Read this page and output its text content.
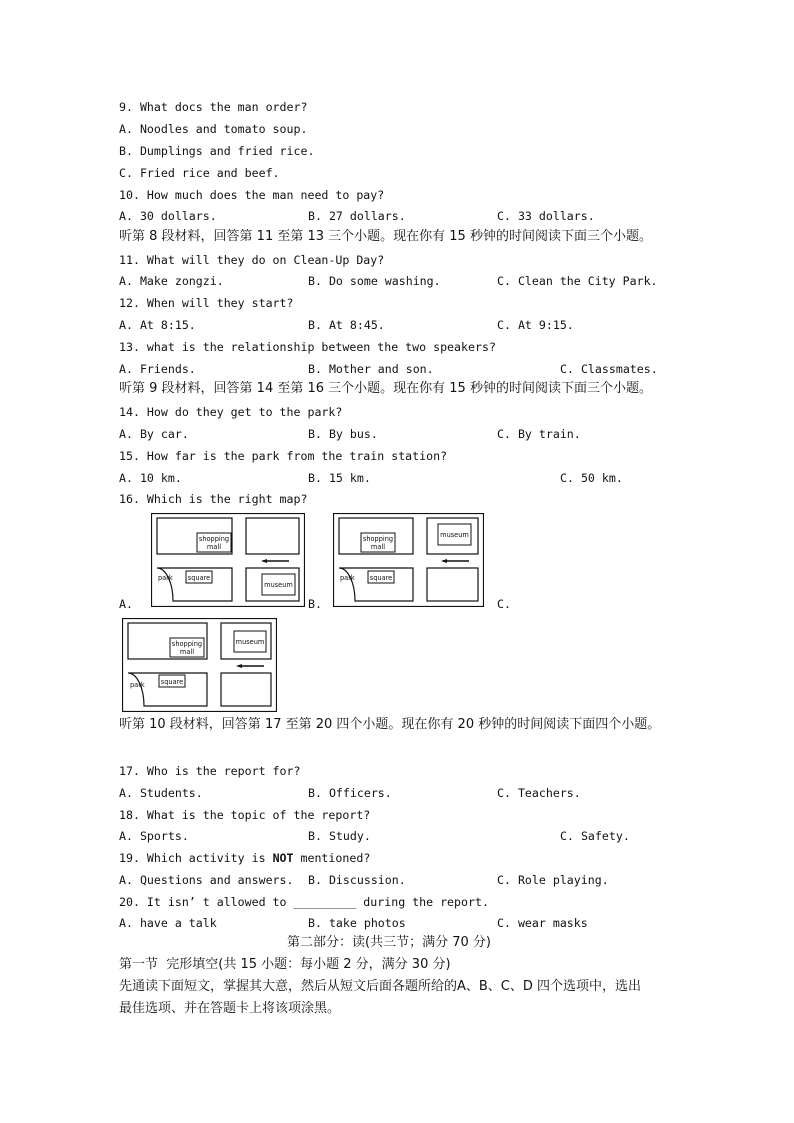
9. What docs the man order?
A. Noodles and tomato soup.
B. Dumplings and fried rice.
C. Fried rice and beef.
10. How much does the man need to pay?
A. 30 dollars.	B. 27 dollars.	C. 33 dollars.
听第 8 段材料，回答第 11 至第 13 三个小题。现在你有 15 秒钟的时间阅读下面三个小题。
11. What will they do on Clean-Up Day?
A. Make zongzi.	B. Do some washing.	C. Clean the City Park.
12. When will they start?
A. At 8:15.	B. At 8:45.	C. At 9:15.
13. what is the relationship between the two speakers?
A. Friends.	B. Mother and son.	C. Classmates.
听第 9 段材料，回答第 14 至第 16 三个小题。现在你有 15 秒钟的时间阅读下面三个小题。
14. How do they get to the park?
A. By car.	B. By bus.	C. By train.
15. How far is the park from the train station?
A. 10 km.	B. 15 km.	C. 50 km.
16. Which is the right map?
A.	B.	C.
shopping
mall
park square
museum
shopping
mall
museum
park square
shopping
mall
museum
park square
听第 10 段材料，回答第 17 至第 20 四个小题。现在你有 20 秒钟的时间阅读下面四个小题。
17. Who is the report for?
A. Students.	B. Officers.	C. Teachers.
18. What is the topic of the report?
A. Sports.	B. Study.	C. Safety.
19. Which activity is NOT mentioned?
A. Questions and answers. B. Discussion.	C. Role playing.
20. It isn’ t allowed to _________ during the report.
A. have a talk	B. take photos	C. wear masks
第二部分：读(共三节；满分 70 分)
第一节  完形填空(共 15 小题：每小题 2 分，满分 30 分)
先通读下面短文，掌握其大意，然后从短文后面各题所给的A、B、C、D 四个选项中，选出
最佳选项、并在答题卡上将该项涂黑。
